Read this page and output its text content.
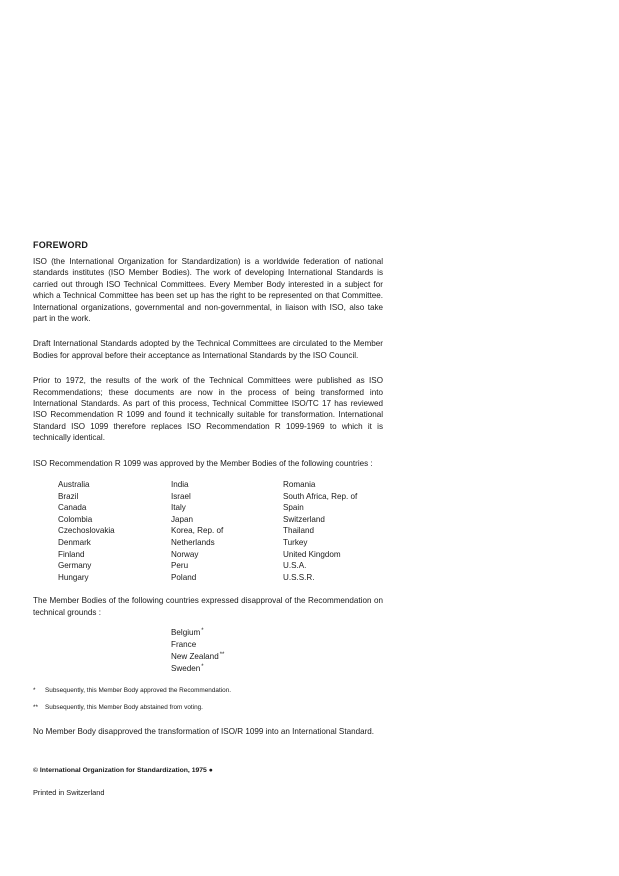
FOREWORD

ISO (the International Organization for Standardization) is a worldwide federation of national standards institutes (ISO Member Bodies). The work of developing International Standards is carried out through ISO Technical Committees. Every Member Body interested in a subject for which a Technical Committee has been set up has the right to be represented on that Committee. International organizations, governmental and non-governmental, in liaison with ISO, also take part in the work.

Draft International Standards adopted by the Technical Committees are circulated to the Member Bodies for approval before their acceptance as International Standards by the ISO Council.

Prior to 1972, the results of the work of the Technical Committees were published as ISO Recommendations; these documents are now in the process of being transformed into International Standards. As part of this process, Technical Committee ISO/TC 17 has reviewed ISO Recommendation R 1099 and found it technically suitable for transformation. International Standard ISO 1099 therefore replaces ISO Recommendation R 1099-1969 to which it is technically identical.

ISO Recommendation R 1099 was approved by the Member Bodies of the following countries :

Australia
Brazil
Canada
Colombia
Czechoslovakia
Denmark
Finland
Germany
Hungary
India
Israel
Italy
Japan
Korea, Rep. of
Netherlands
Norway
Peru
Poland
Romania
South Africa, Rep. of
Spain
Switzerland
Thailand
Turkey
United Kingdom
U.S.A.
U.S.S.R.

The Member Bodies of the following countries expressed disapproval of the Recommendation on technical grounds :

Belgium*
France
New Zealand**
Sweden*
*	Subsequently, this Member Body approved the Recommendation.
**	Subsequently, this Member Body abstained from voting.

No Member Body disapproved the transformation of ISO/R 1099 into an International Standard.

© International Organization for Standardization, 1975 ●
Printed in Switzerland
